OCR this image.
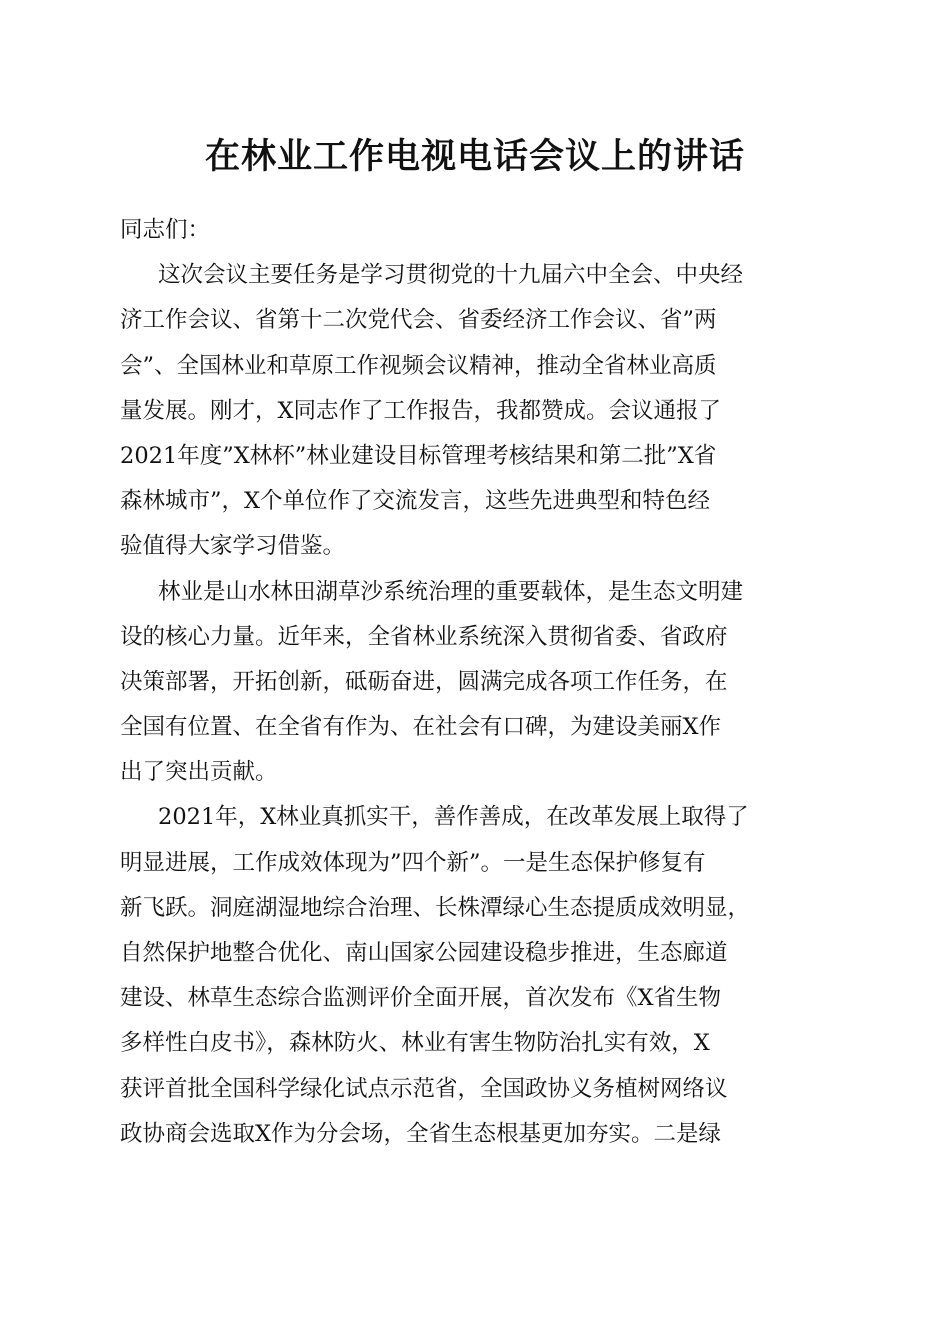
在林业工作电视电话会议上的讲话
同志们：
这次会议主要任务是学习贯彻党的十九届六中全会、中央经
济工作会议、省第十二次党代会、省委经济工作会议、省”两
会”、全国林业和草原工作视频会议精神，推动全省林业高质
量发展。刚才，X同志作了工作报告，我都赞成。会议通报了
2021年度”X林杯”林业建设目标管理考核结果和第二批”X省
森林城市”，X个单位作了交流发言，这些先进典型和特色经
验值得大家学习借鉴。
林业是山水林田湖草沙系统治理的重要载体，是生态文明建
设的核心力量。近年来，全省林业系统深入贯彻省委、省政府
决策部署，开拓创新，砥砺奋进，圆满完成各项工作任务，在
全国有位置、在全省有作为、在社会有口碑，为建设美丽X作
出了突出贡献。
2021年，X林业真抓实干，善作善成，在改革发展上取得了
明显进展，工作成效体现为”四个新”。一是生态保护修复有
新飞跃。洞庭湖湿地综合治理、长株潭绿心生态提质成效明显，
自然保护地整合优化、南山国家公园建设稳步推进，生态廊道
建设、林草生态综合监测评价全面开展，首次发布《X省生物
多样性白皮书》，森林防火、林业有害生物防治扎实有效，X
获评首批全国科学绿化试点示范省，全国政协义务植树网络议
政协商会选取X作为分会场，全省生态根基更加夯实。二是绿
